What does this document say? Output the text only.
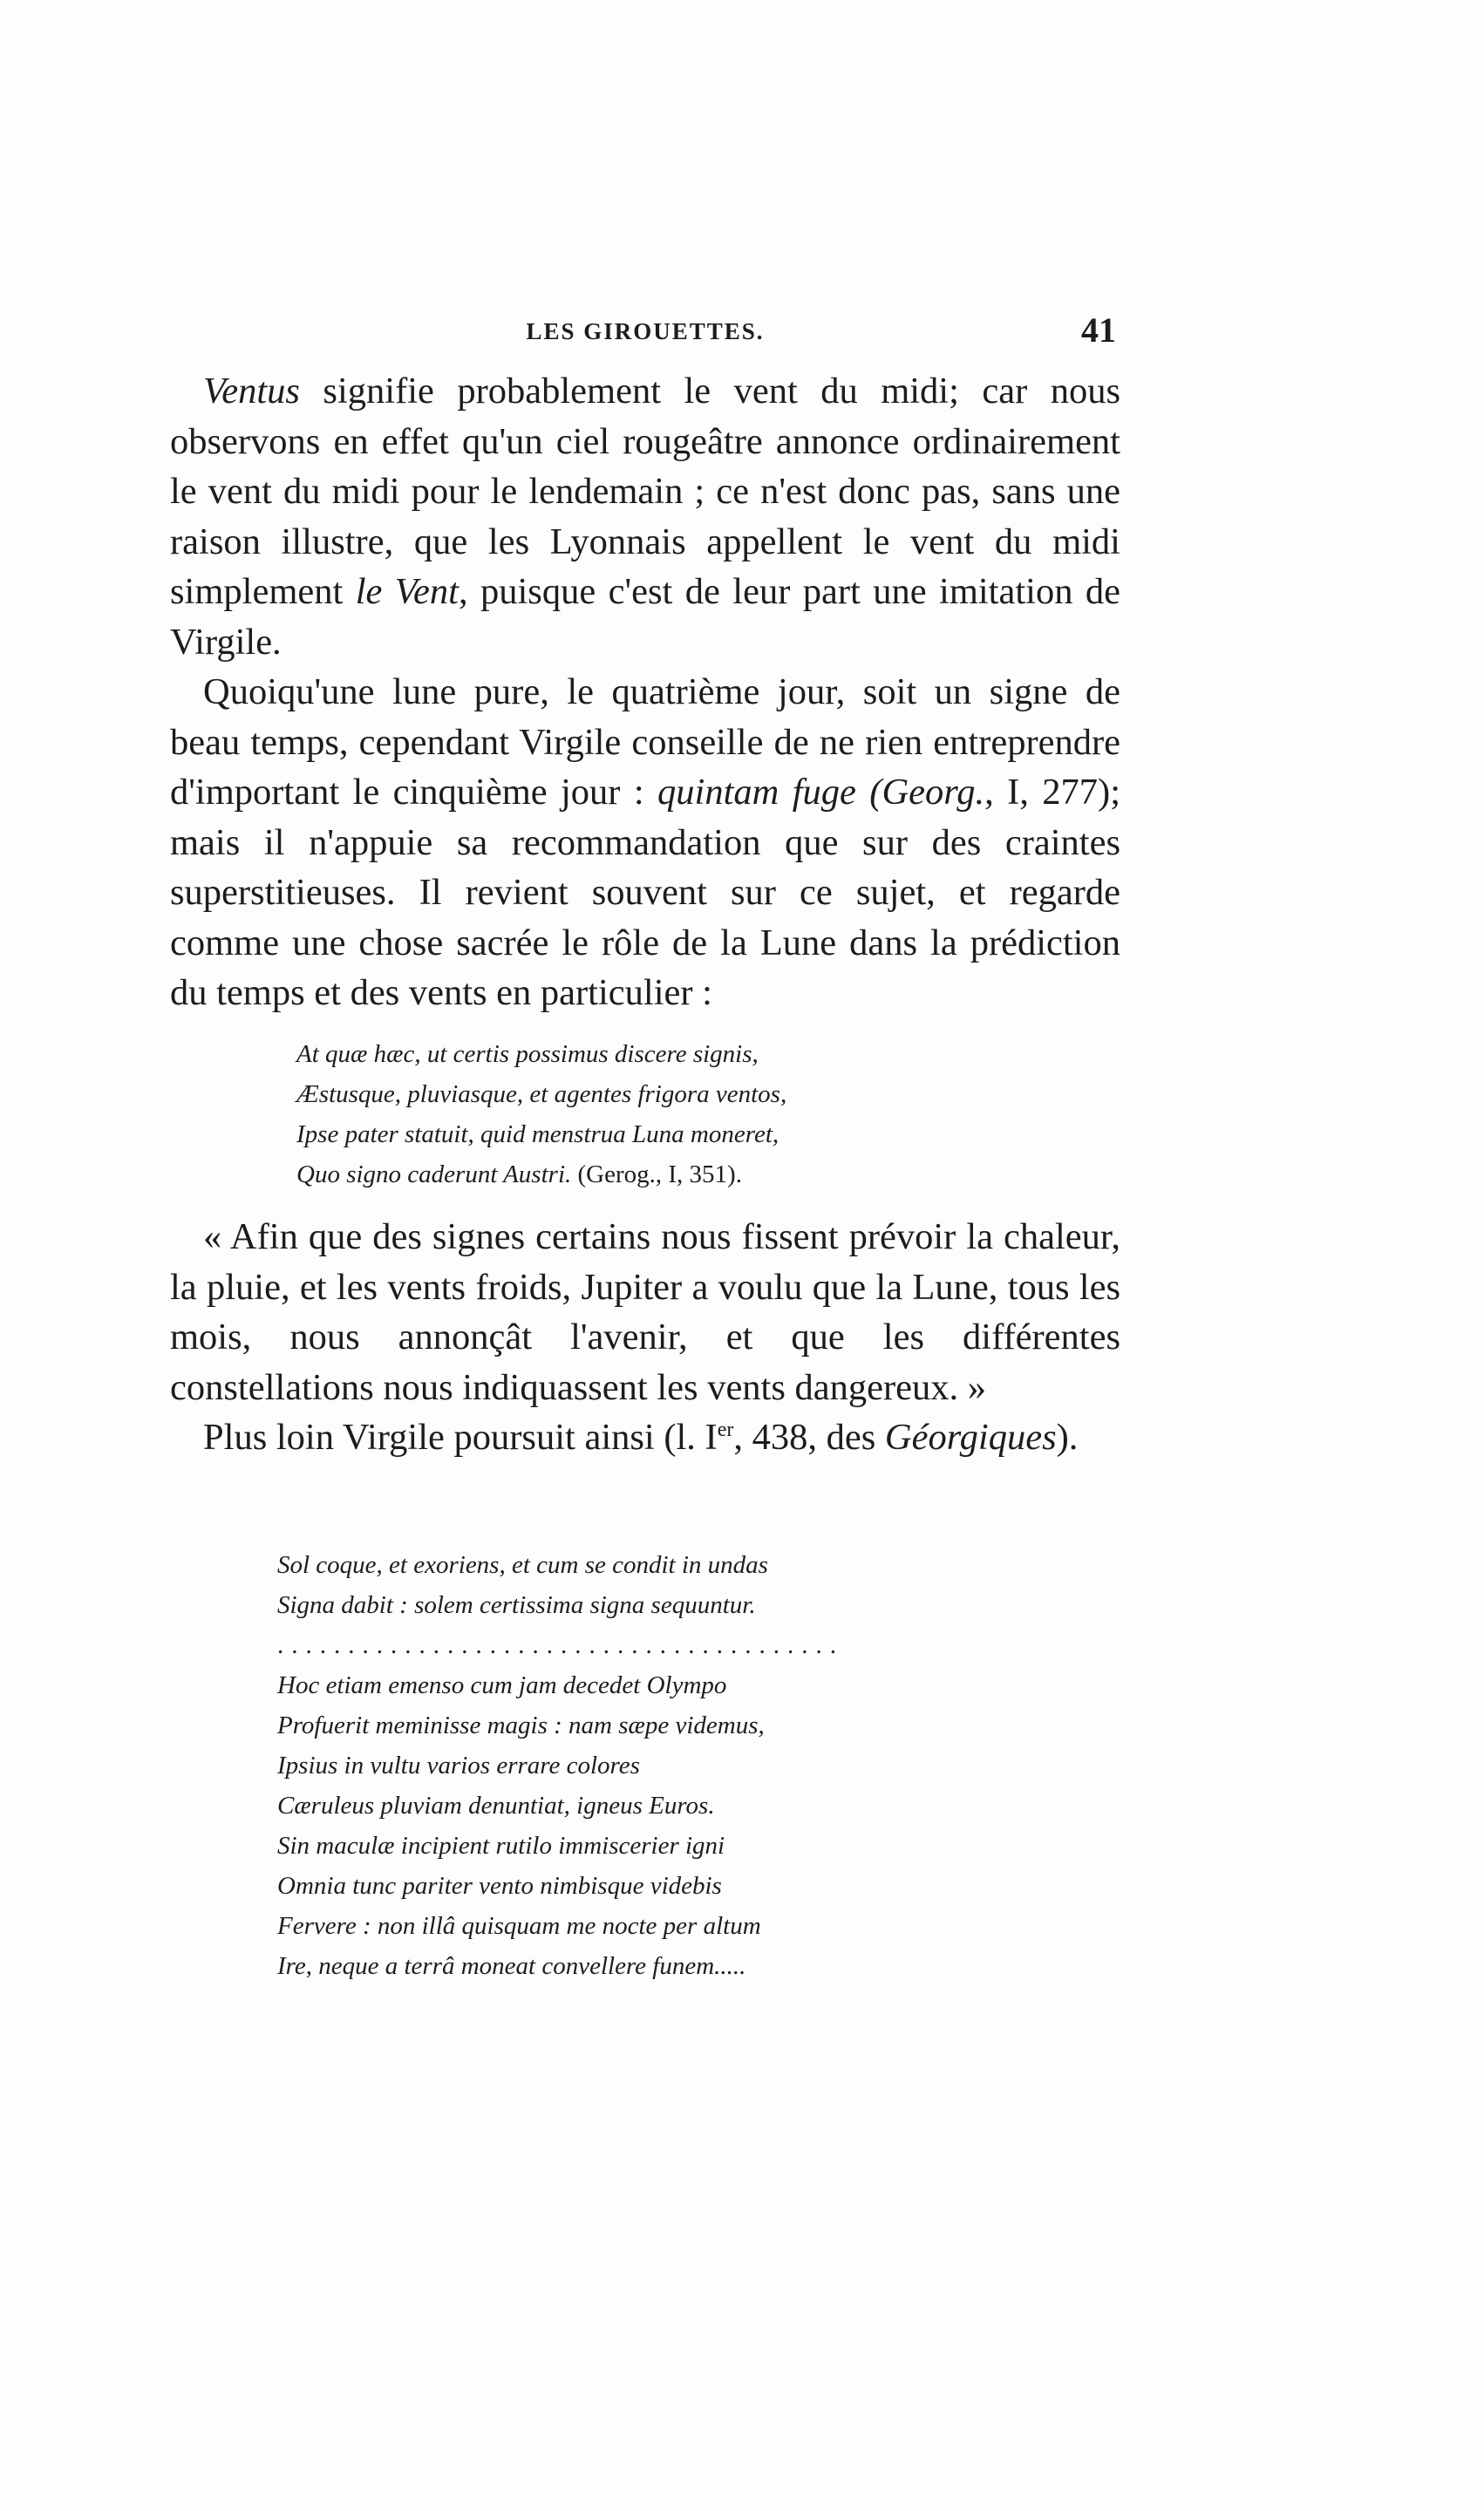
LES GIROUETTES.	41

Ventus signifie probablement le vent du midi; car nous observons en effet qu'un ciel rougeâtre annonce ordinairement le vent du midi pour le lendemain ; ce n'est donc pas, sans une raison illustre, que les Lyonnais appellent le vent du midi simplement le Vent, puisque c'est de leur part une imitation de Virgile.

Quoiqu'une lune pure, le quatrième jour, soit un signe de beau temps, cependant Virgile conseille de ne rien entreprendre d'important le cinquième jour : quintam fuge (Georg., I, 277); mais il n'appuie sa recommandation que sur des craintes superstitieuses. Il revient souvent sur ce sujet, et regarde comme une chose sacrée le rôle de la Lune dans la prédiction du temps et des vents en particulier :

At quæ hæc, ut certis possimus discere signis,
Æstusque, pluviasque, et agentes frigora ventos,
Ipse pater statuit, quid menstrua Luna moneret,
Quo signo caderunt Austri. (Gerog., I, 351).

« Afin que des signes certains nous fissent prévoir la chaleur, la pluie, et les vents froids, Jupiter a voulu que la Lune, tous les mois, nous annonçât l'avenir, et que les différentes constellations nous indiquassent les vents dangereux. »

Plus loin Virgile poursuit ainsi (l. Ier, 438, des Géorgiques).

Sol coque, et exoriens, et cum se condit in undas
Signa dabit : solem certissima signa sequuntur.
........................................
Hoc etiam emenso cum jam decedet Olympo
Profuerit meminisse magis : nam sæpe videmus,
Ipsius in vultu varios errare colores
Cæruleus pluviam denuntiat, igneus Euros.
Sin maculæ incipient rutilo immiscerier igni
Omnia tunc pariter vento nimbisque videbis
Fervere : non illâ quisquam me nocte per altum
Ire, neque a terrâ moneat convellere funem.....
